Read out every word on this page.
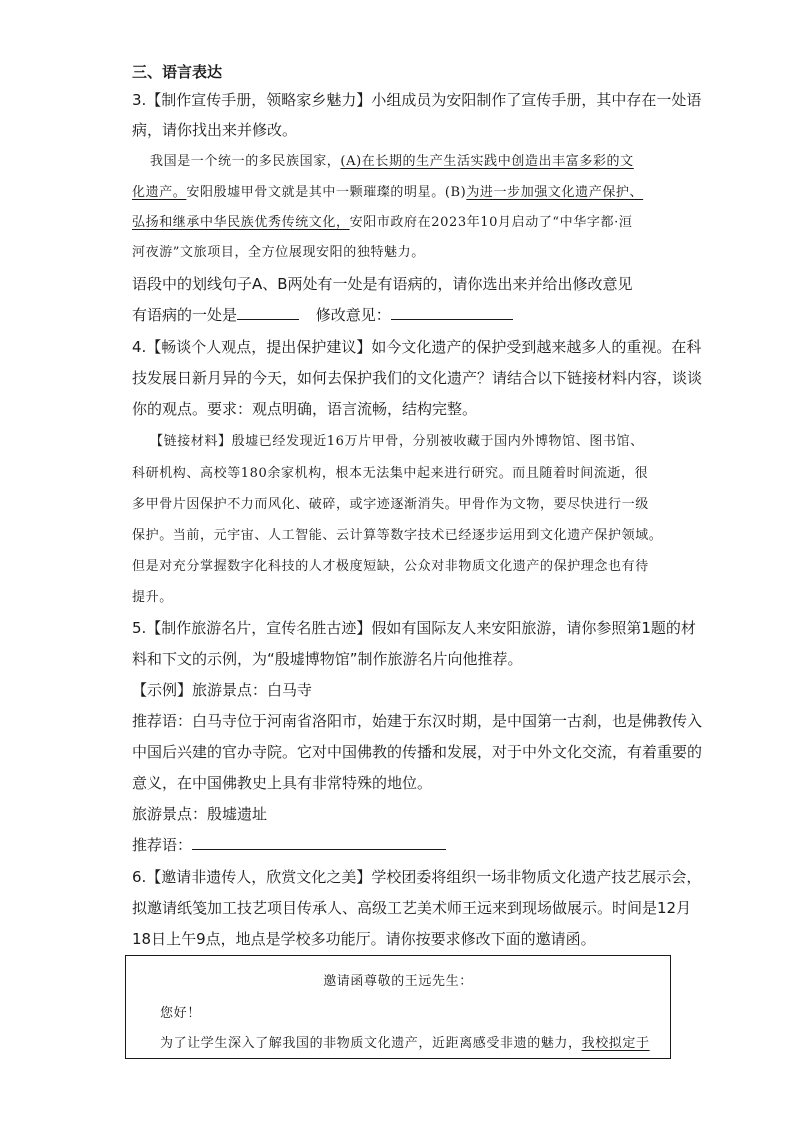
三、语言表达
3.【制作宣传手册，领略家乡魅力】小组成员为安阳制作了宣传手册，其中存在一处语
病，请你找出来并修改。
我国是一个统一的多民族国家，(A)在长期的生产生活实践中创造出丰富多彩的文
化遗产。安阳殷墟甲骨文就是其中一颗璀璨的明星。(B)为进一步加强文化遗产保护、
弘扬和继承中华民族优秀传统文化，安阳市政府在2023年10月启动了“中华字都·洹
河夜游”文旅项目，全方位展现安阳的独特魅力。
语段中的划线句子A、B两处有一处是有语病的，请你选出来并给出修改意见
有语病的一处是	修改意见：
4.【畅谈个人观点，提出保护建议】如今文化遗产的保护受到越来越多人的重视。在科
技发展日新月异的今天，如何去保护我们的文化遗产？请结合以下链接材料内容，谈谈
你的观点。要求：观点明确，语言流畅，结构完整。
【链接材料】殷墟已经发现近16万片甲骨，分别被收藏于国内外博物馆、图书馆、
科研机构、高校等180余家机构，根本无法集中起来进行研究。而且随着时间流逝，很
多甲骨片因保护不力而风化、破碎，或字迹逐渐消失。甲骨作为文物，要尽快进行一级
保护。当前，元宇宙、人工智能、云计算等数字技术已经逐步运用到文化遗产保护领域。
但是对充分掌握数字化科技的人才极度短缺，公众对非物质文化遗产的保护理念也有待
提升。
5.【制作旅游名片，宣传名胜古迹】假如有国际友人来安阳旅游，请你参照第1题的材
料和下文的示例，为“殷墟博物馆”制作旅游名片向他推荐。
【示例】旅游景点：白马寺
推荐语：白马寺位于河南省洛阳市，始建于东汉时期，是中国第一古刹，也是佛教传入
中国后兴建的官办寺院。它对中国佛教的传播和发展，对于中外文化交流，有着重要的
意义，在中国佛教史上具有非常特殊的地位。
旅游景点：殷墟遗址
推荐语：
6.【邀请非遗传人，欣赏文化之美】学校团委将组织一场非物质文化遗产技艺展示会，
拟邀请纸笺加工技艺项目传承人、高级工艺美术师王远来到现场做展示。时间是12月
18日上午9点，地点是学校多功能厅。请你按要求修改下面的邀请函。
邀请函尊敬的王远先生：
您好！
为了让学生深入了解我国的非物质文化遗产，近距离感受非遗的魅力，我校拟定于
